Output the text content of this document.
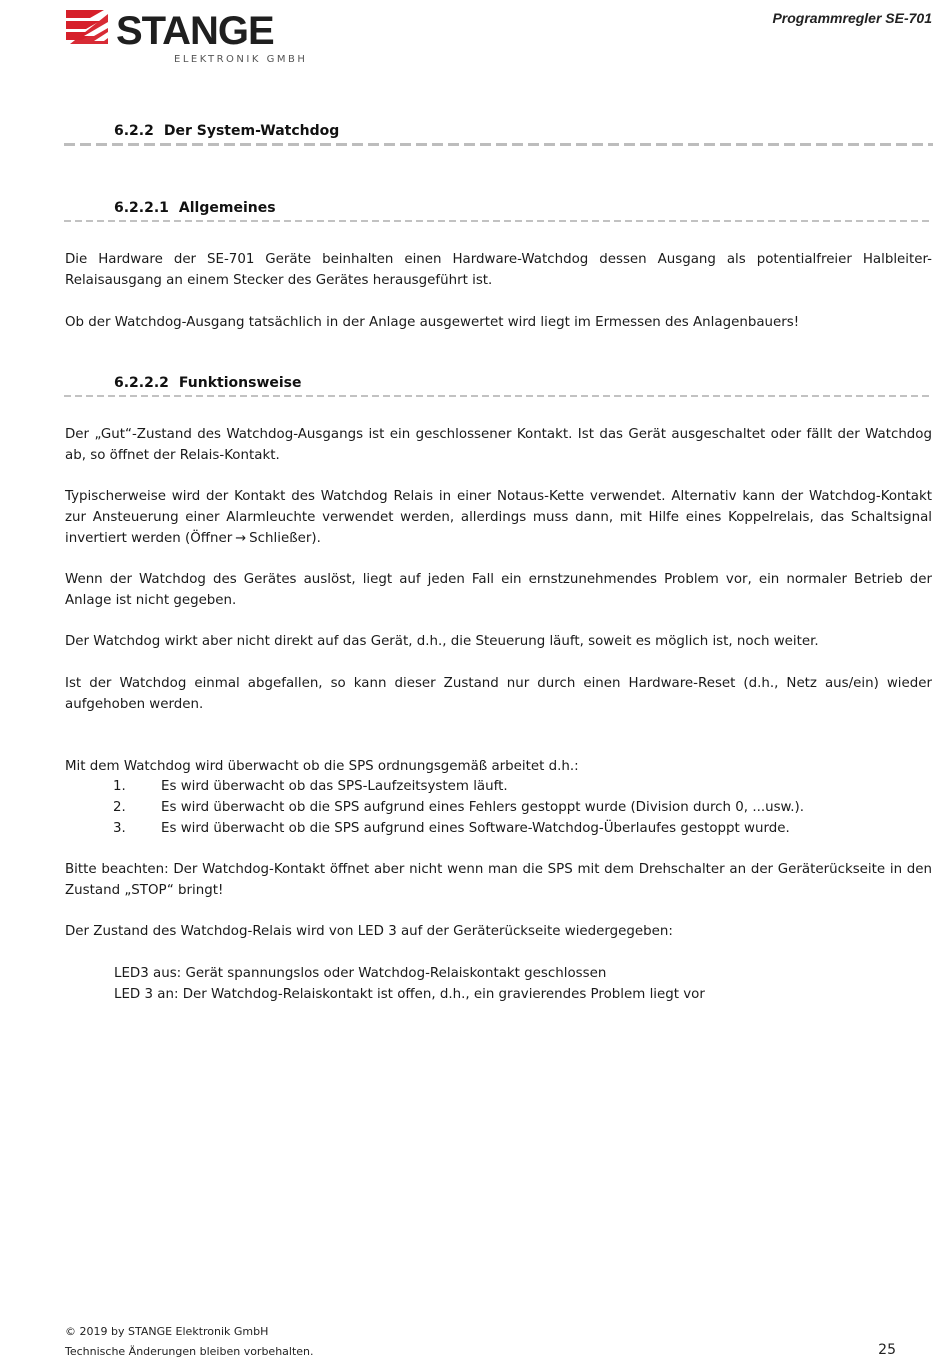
STANGE
ELEKTRONIK GMBH
Programmregler SE-701
6.2.2 Der System-Watchdog
6.2.2.1 Allgemeines

Die Hardware der SE-701 Geräte beinhalten einen Hardware-Watchdog dessen Ausgang als potentialfreier Halbleiter-Relaisausgang an einem Stecker des Gerätes herausgeführt ist.

Ob der Watchdog-Ausgang tatsächlich in der Anlage ausgewertet wird liegt im Ermessen des Anlagenbauers!

6.2.2.2 Funktionsweise

Der „Gut“-Zustand des Watchdog-Ausgangs ist ein geschlossener Kontakt. Ist das Gerät ausgeschaltet oder fällt der Watchdog ab, so öffnet der Relais-Kontakt.

Typischerweise wird der Kontakt des Watchdog Relais in einer Notaus-Kette verwendet. Alternativ kann der Watchdog-Kontakt zur Ansteuerung einer Alarmleuchte verwendet werden, allerdings muss dann, mit Hilfe eines Koppelrelais, das Schaltsignal invertiert werden (Öffner → Schließer).

Wenn der Watchdog des Gerätes auslöst, liegt auf jeden Fall ein ernstzunehmendes Problem vor, ein normaler Betrieb der Anlage ist nicht gegeben.

Der Watchdog wirkt aber nicht direkt auf das Gerät, d.h., die Steuerung läuft, soweit es möglich ist, noch weiter.

Ist der Watchdog einmal abgefallen, so kann dieser Zustand nur durch einen Hardware-Reset (d.h., Netz aus/ein) wieder aufgehoben werden.

Mit dem Watchdog wird überwacht ob die SPS ordnungsgemäß arbeitet d.h.:

1.	Es wird überwacht ob das SPS-Laufzeitsystem läuft.
2.	Es wird überwacht ob die SPS aufgrund eines Fehlers gestoppt wurde (Division durch 0, ...usw.).
3.	Es wird überwacht ob die SPS aufgrund eines Software-Watchdog-Überlaufes gestoppt wurde.

Bitte beachten: Der Watchdog-Kontakt öffnet aber nicht wenn man die SPS mit dem Drehschalter an der Geräterückseite in den Zustand „STOP“ bringt!

Der Zustand des Watchdog-Relais wird von LED 3 auf der Geräterückseite wiedergegeben:

LED3 aus: Gerät spannungslos oder Watchdog-Relaiskontakt geschlossen
LED 3 an: Der Watchdog-Relaiskontakt ist offen, d.h., ein gravierendes Problem liegt vor
© 2019 by STANGE Elektronik GmbH
Technische Änderungen bleiben vorbehalten.	25
